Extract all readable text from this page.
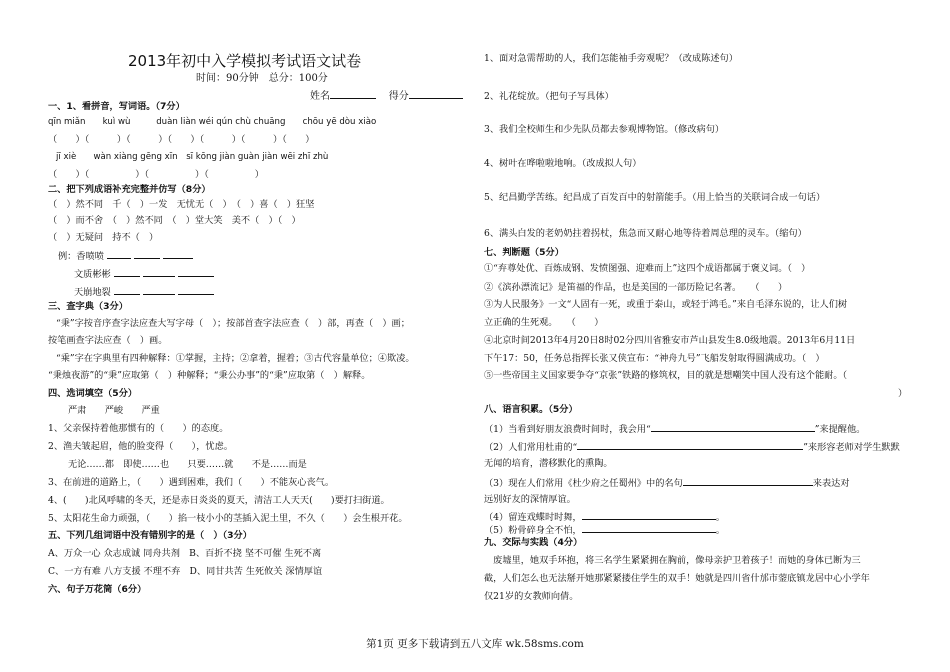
2013年初中入学模拟考试语文试卷
时间：90分钟　总分：100分
姓名	得分
一、1、看拼音，写词语。（7分）
qīn miǎn　　kuì wù　　　duàn liàn wéi qún chù chuāng　　chōu yē dòu xiào
（　　）（　　　）（　　　）（　　）（　　　）（　　　）（　　）
jī xiè　　wàn xiàng gēng xīn　sī kōng jiàn guàn jiàn wēi zhī zhù
（　　）（　　　　　）（　　　　　）（　　　　　）
二、把下列成语补充完整并仿写（8分）
（　）然不同　千（　）一发　无忧无（　）　（　）喜（　）狂坚
（　）而不舍　（　）然不同　（　）堂大笑　美不（　）（　）
（　）无疑问　持不（　）
例：香喷喷
文质彬彬
天崩地裂
三、查字典（3分）
“秉”字按音序查字法应查大写字母（　）；按部首查字法应查（　）部，再查（　）画；
按笔画查字法应查（　）画。
“乘”字在字典里有四种解释：①掌握，主持；②拿着，握着；③古代容量单位；④欺凌。
“秉烛夜游”的“秉”应取第（　）种解释；“秉公办事”的“秉”应取第（　）解释。
四、选词填空（5分）
严肃　　严峻　　严重
1、父亲保持着他那惯有的（　　）的态度。
2、渔夫皱起眉，他的脸变得（　　），忧虑。
无论……都　即使……也　　只要……就　　不是……而是
3、在前进的道路上，（　　）遇到困难，我们（　　）不能灰心丧气。
4、(　　)北风呼啸的冬天，还是赤日炎炎的夏天，清洁工人天天(　　)要打扫街道。
5、太阳花生命力顽强，（　　）掐一枝小小的茎插入泥土里，不久（　　）会生根开花。
五、下列几组词语中没有错别字的是（　）（3分）
A、万众一心 众志成诚 同舟共剂　B、百折不挠 坚不可催 生死不离
C、一方有难 八方支援 不理不弃　D、同甘共苦 生死攸关 深情厚谊
六、句子万花筒（6分）
1、面对急需帮助的人，我们怎能袖手旁观呢？（改成陈述句）
2、礼花绽放。（把句子写具体）
3、我们全校师生和少先队员都去参观博物馆。（修改病句）
4、树叶在哗啦啦地响。（改成拟人句）
5、纪昌勤学苦练。纪昌成了百发百中的射箭能手。（用上恰当的关联词合成一句话）
6、满头白发的老奶奶拄着拐杖，焦急而又耐心地等待着周总理的灵车。（缩句）
七、判断题（5分）
①“弃尊处优、百炼成钢、发愤图强、迎难而上”这四个成语都属于褒义词。（　）
②《滨孙漂流记》是笛福的作品，也是美国的一部历险记名著。　　（　　）
③为人民服务》一文“人固有一死，或重于泰山，或轻于鸿毛。”来自毛泽东说的，让人们树
立正确的生死观。　　（　　）
④北京时间2013年4月20日8时02分四川省雅安市芦山县发生8.0级地震。2013年6月11日
下午17：50，任务总指挥长张又侠宣布：“神舟九号”飞船发射取得圆满成功。（　）
⑤一些帝国主义国家要争夺“京张”铁路的修筑权，目的就是想嘲笑中国人没有这个能耐。（
）
八、语言积累。（5分）
（1）当看到好朋友浪费时间时，我会用“	”来提醒他。
（2）人们常用杜甫的“	”来形容老师对学生默默
无闻的培育，潜移默化的熏陶。
（3）现在人们常用《杜少府之任蜀州》中的名句	来表达对
远别好友的深情厚谊。
（4）留连戏蝶时时舞，	。
（5）粉骨碎身全不怕，	。
九、交际与实践（4分）
　废墟里，她双手环抱，将三名学生紧紧拥在胸前，像母亲护卫着孩子！而她的身体已断为三
截，人们怎么也无法掰开她那紧紧搂住学生的双手！她就是四川省什邡市蓥底镇龙居中心小学年
仅21岁的女教师向倩。
第1页 更多下载请到五八文库 wk.58sms.com
